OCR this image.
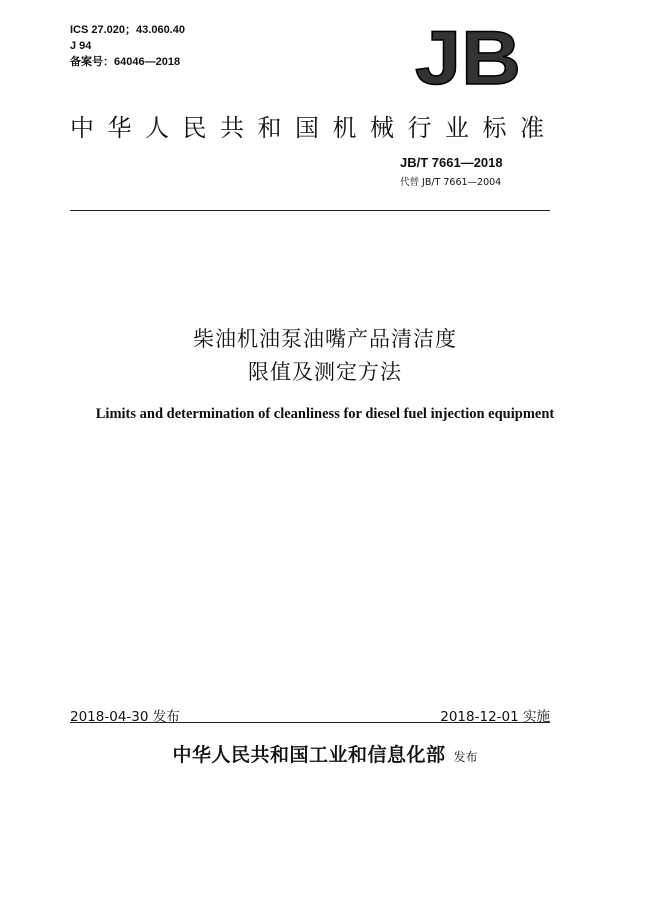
ICS 27.020；43.060.40
J 94
备案号：64046—2018	JB
中华人民共和国机械行业标准
JB/T 7661—2018
代替 JB/T 7661—2004
柴油机油泵油嘴产品清洁度
限值及测定方法
Limits and determination of cleanliness for diesel fuel injection equipment
2018-04-30 发布	2018-12-01 实施
中华人民共和国工业和信息化部 发布
